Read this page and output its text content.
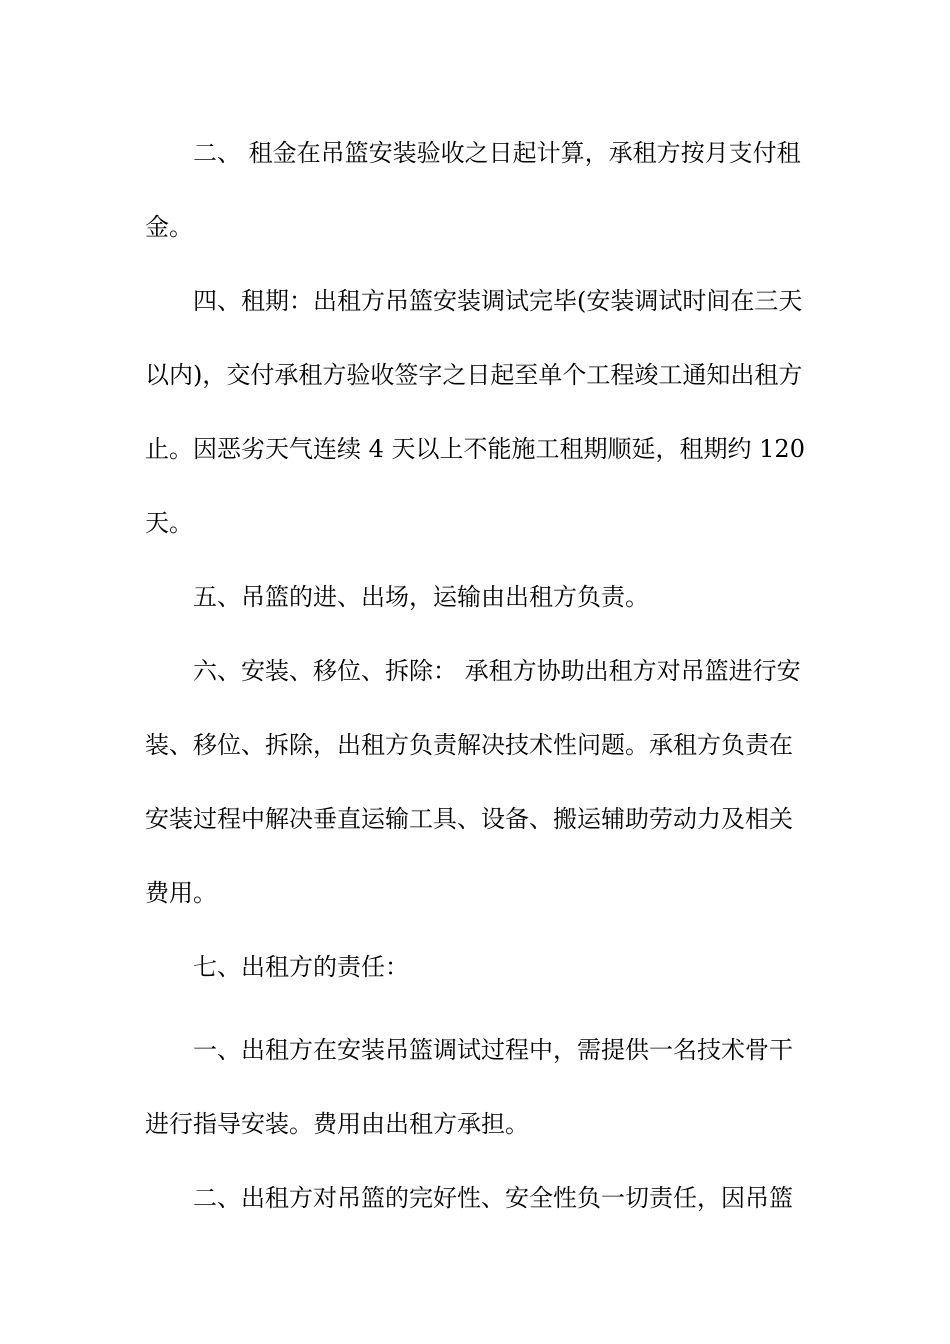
二、 租金在吊篮安装验收之日起计算，承租方按月支付租
金。
四、租期：出租方吊篮安装调试完毕(安装调试时间在三天
以内)，交付承租方验收签字之日起至单个工程竣工通知出租方
止。因恶劣天气连续 4 天以上不能施工租期顺延，租期约 120
天。
五、吊篮的进、出场，运输由出租方负责。
六、安装、移位、拆除： 承租方协助出租方对吊篮进行安
装、移位、拆除，出租方负责解决技术性问题。承租方负责在
安装过程中解决垂直运输工具、设备、搬运辅助劳动力及相关
费用。
七、出租方的责任：
一、出租方在安装吊篮调试过程中，需提供一名技术骨干
进行指导安装。费用由出租方承担。
二、出租方对吊篮的完好性、安全性负一切责任，因吊篮
